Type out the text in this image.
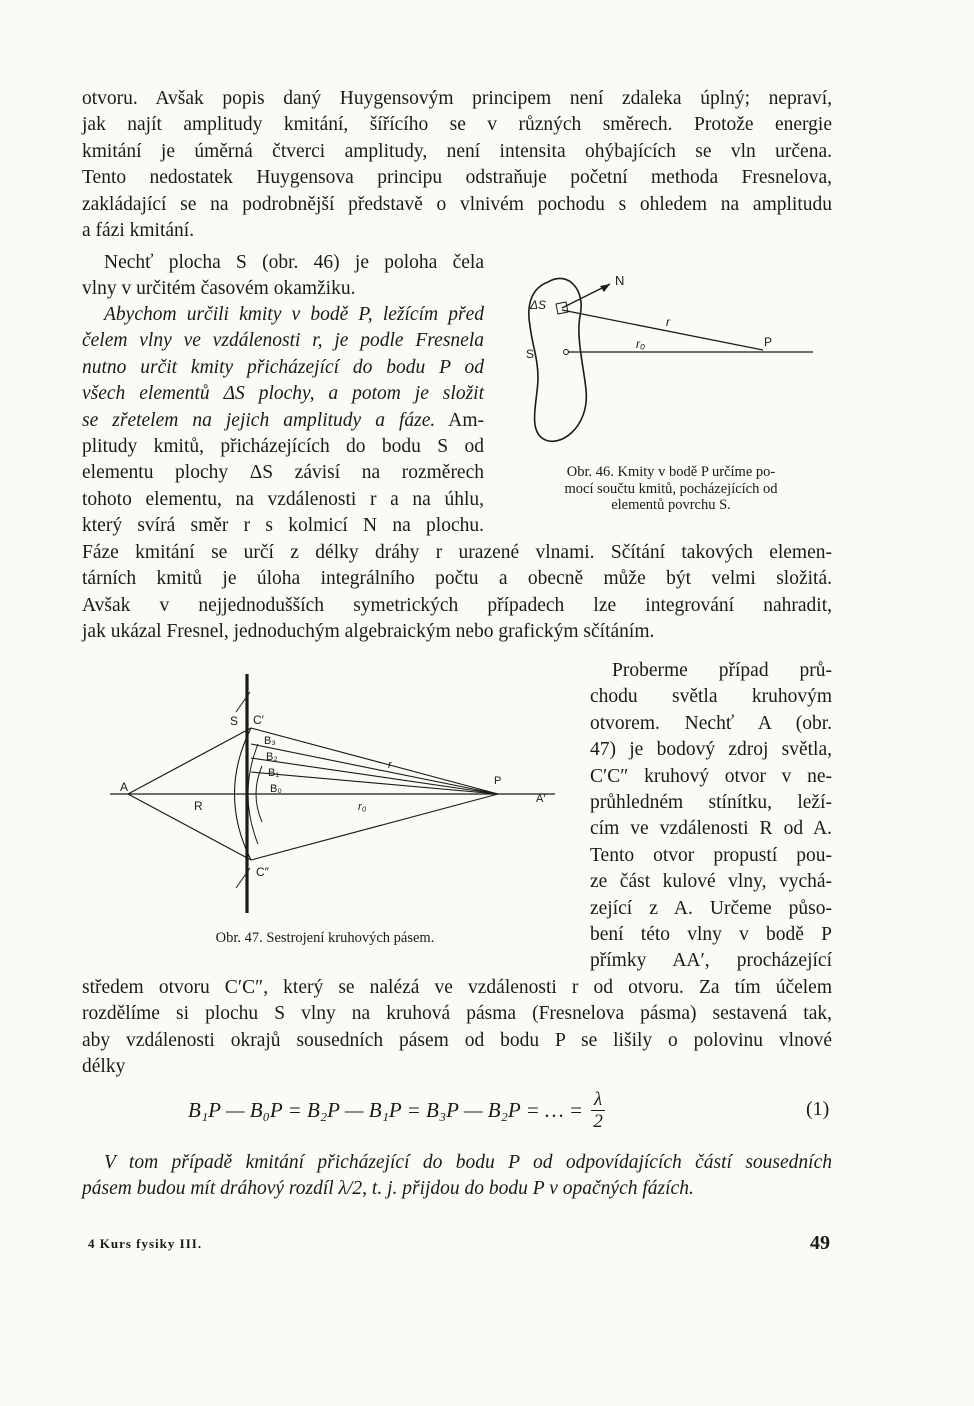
otvoru. Avšak popis daný Huygensovým principem není zdaleka úplný; nepraví,
jak najít amplitudy kmitání, šířícího se v různých směrech. Protože energie
kmitání je úměrná čtverci amplitudy, není intensita ohýbajících se vln určena.
Tento nedostatek Huygensova principu odstraňuje početní methoda Fresnelova,
zakládající se na podrobnější představě o vlnivém pochodu s ohledem na amplitudu
a fázi kmitání.
Nechť plocha S (obr. 46) je poloha čela
vlny v určitém časovém okamžiku.
Abychom určili kmity v bodě P, ležícím před
čelem vlny ve vzdálenosti r, je podle Fresnela
nutno určit kmity přicházející do bodu P od
všech elementů ΔS plochy, a potom je složit
se zřetelem na jejich amplitudy a fáze. Am-
plitudy kmitů, přicházejících do bodu S od
elementu plochy ΔS závisí na rozměrech
tohoto elementu, na vzdálenosti r a na úhlu,
který svírá směr r s kolmicí N na plochu.
N
ΔS
S
r
r₀	P
Obr. 46. Kmity v bodě P určíme po-
mocí součtu kmitů, pocházejících od
elementů povrchu S.
Fáze kmitání se určí z délky dráhy r urazené vlnami. Sčítání takových elemen-
tárních kmitů je úloha integrálního počtu a obecně může být velmi složitá.
Avšak v nejjednodušších symetrických případech lze integrování nahradit,
jak ukázal Fresnel, jednoduchým algebraickým nebo grafickým sčítáním.
A
A′
S C′
C″
B₃
B₂
B₁
B₀
R
r
r₀
P
Obr. 47. Sestrojení kruhových pásem.
Proberme případ prů-
chodu světla kruhovým
otvorem. Nechť A (obr.
47) je bodový zdroj světla,
C′C″ kruhový otvor v ne-
průhledném stínítku, leží-
cím ve vzdálenosti R od A.
Tento otvor propustí pou-
ze část kulové vlny, vychá-
zející z A. Určeme půso-
bení této vlny v bodě P
přímky AA′, procházející
středem otvoru C′C″, který se nalézá ve vzdálenosti r od otvoru. Za tím účelem
rozdělíme si plochu S vlny na kruhová pásma (Fresnelova pásma) sestavená tak,
aby vzdálenosti okrajů sousedních pásem od bodu P se lišily o polovinu vlnové
délky
B₁P — B₀P = B₂P — B₁P = B₃P — B₂P = … = $\frac{\lambda}{2}$	(1)
V tom případě kmitání přicházející do bodu P od odpovídajících částí sousedních
pásem budou mít dráhový rozdíl λ/2, t. j. přijdou do bodu P v opačných fázích.
4 Kurs fysiky III.	49
